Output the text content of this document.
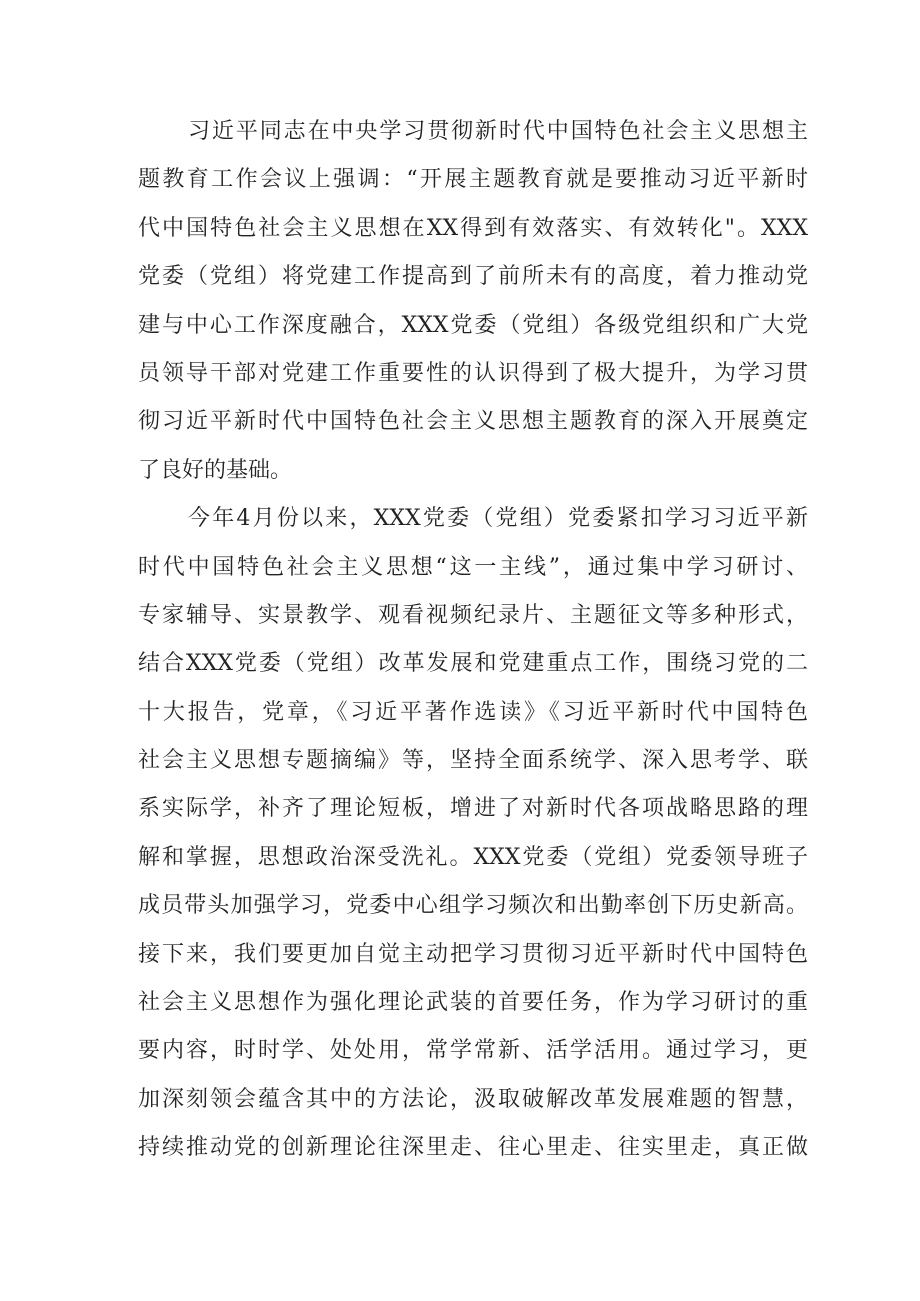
习近平同志在中央学习贯彻新时代中国特色社会主义思想主
题教育工作会议上强调：“开展主题教育就是要推动习近平新时
代中国特色社会主义思想在XX得到有效落实、有效转化"。XXX
党委（党组）将党建工作提高到了前所未有的高度，着力推动党
建与中心工作深度融合，XXX党委（党组）各级党组织和广大党
员领导干部对党建工作重要性的认识得到了极大提升，为学习贯
彻习近平新时代中国特色社会主义思想主题教育的深入开展奠定
了良好的基础。
今年4月份以来，XXX党委（党组）党委紧扣学习习近平新
时代中国特色社会主义思想“这一主线”，通过集中学习研讨、
专家辅导、实景教学、观看视频纪录片、主题征文等多种形式，
结合XXX党委（党组）改革发展和党建重点工作，围绕习党的二
十大报告，党章，《习近平著作选读》《习近平新时代中国特色
社会主义思想专题摘编》等，坚持全面系统学、深入思考学、联
系实际学，补齐了理论短板，增进了对新时代各项战略思路的理
解和掌握，思想政治深受洗礼。XXX党委（党组）党委领导班子
成员带头加强学习，党委中心组学习频次和出勤率创下历史新高。
接下来，我们要更加自觉主动把学习贯彻习近平新时代中国特色
社会主义思想作为强化理论武装的首要任务，作为学习研讨的重
要内容，时时学、处处用，常学常新、活学活用。通过学习，更
加深刻领会蕴含其中的方法论，汲取破解改革发展难题的智慧，
持续推动党的创新理论往深里走、往心里走、往实里走，真正做
